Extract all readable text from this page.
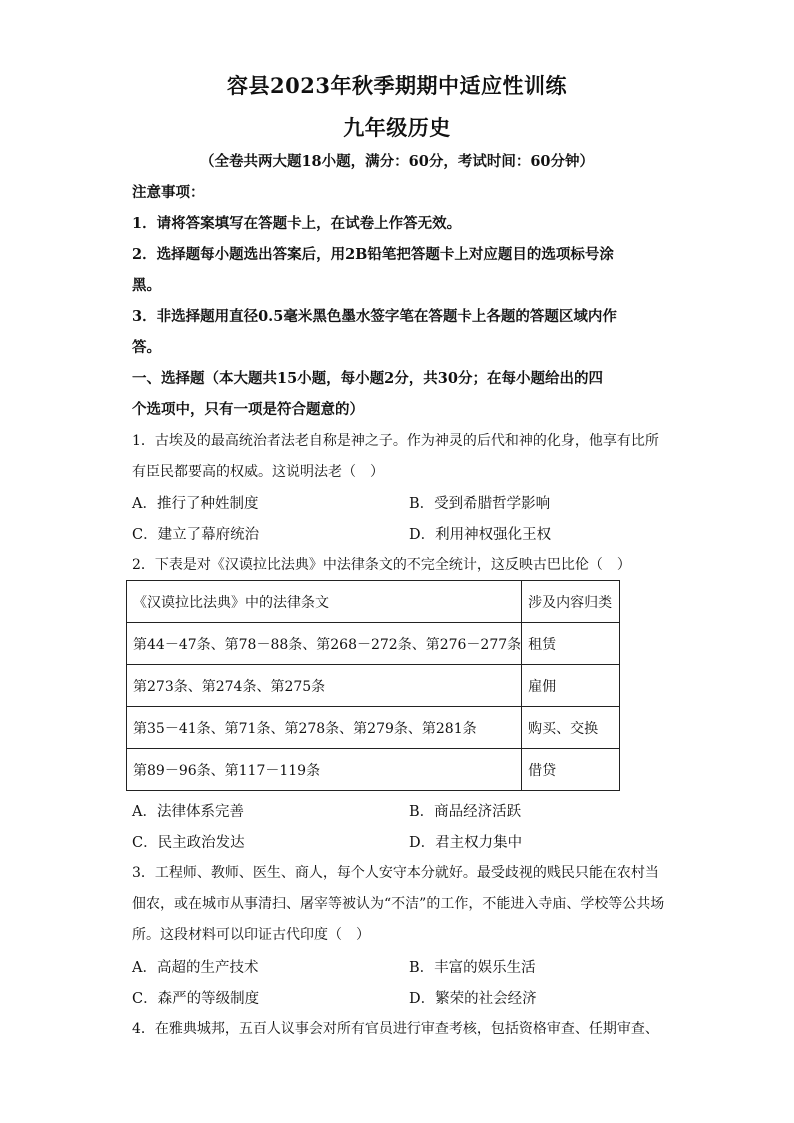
容县2023年秋季期期中适应性训练
九年级历史
（全卷共两大题18小题，满分：60分，考试时间：60分钟）
注意事项：
1．请将答案填写在答题卡上，在试卷上作答无效。
2．选择题每小题选出答案后，用2B铅笔把答题卡上对应题目的选项标号涂
黑。
3．非选择题用直径0.5毫米黑色墨水签字笔在答题卡上各题的答题区域内作
答。
一、选择题（本大题共15小题，每小题2分，共30分；在每小题给出的四
个选项中，只有一项是符合题意的）
1．古埃及的最高统治者法老自称是神之子。作为神灵的后代和神的化身，他享有比所
有臣民都要高的权威。这说明法老（　）
A．推行了种姓制度	B．受到希腊哲学影响
C．建立了幕府统治	D．利用神权强化王权
2．下表是对《汉谟拉比法典》中法律条文的不完全统计，这反映古巴比伦（　）
《汉谟拉比法典》中的法律条文	涉及内容归类
第44－47条、第78－88条、第268－272条、第276－277条	租赁
第273条、第274条、第275条	雇佣
第35－41条、第71条、第278条、第279条、第281条	购买、交换
第89－96条、第117－119条	借贷
A．法律体系完善	B．商品经济活跃
C．民主政治发达	D．君主权力集中
3．工程师、教师、医生、商人，每个人安守本分就好。最受歧视的贱民只能在农村当
佃农，或在城市从事清扫、屠宰等被认为“不洁”的工作，不能进入寺庙、学校等公共场
所。这段材料可以印证古代印度（　）
A．高超的生产技术	B．丰富的娱乐生活
C．森严的等级制度	D．繁荣的社会经济
4．在雅典城邦，五百人议事会对所有官员进行审查考核，包括资格审查、任期审查、
